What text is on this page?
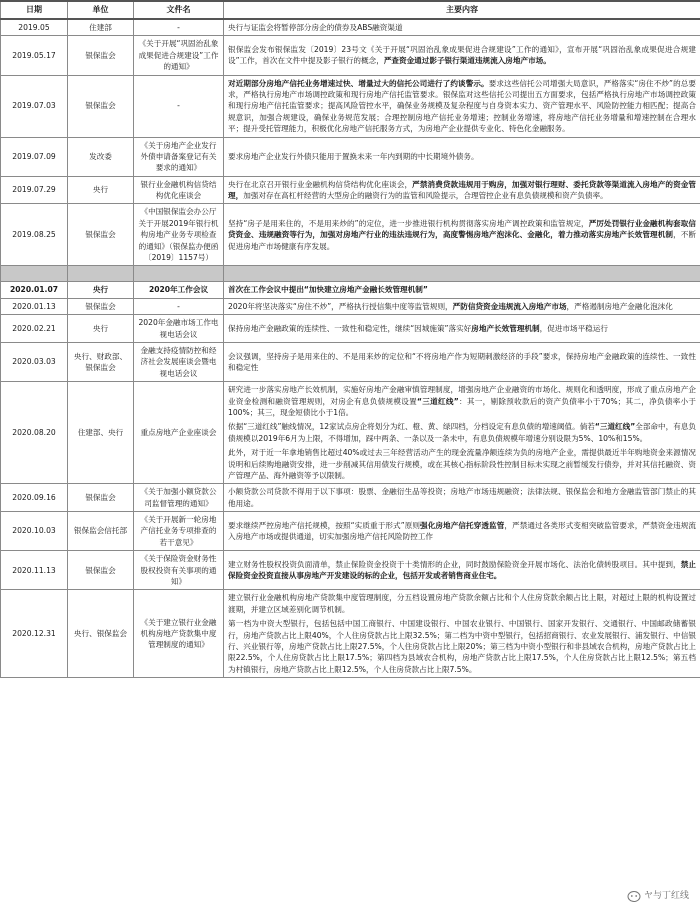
日期	单位	文件名	主要内容
2019.05	住建部	-	央行与证监会将暂停部分房企的债券及ABS融资渠道

2019.05.17	银保监会	《关于开展“巩固治乱象成果促进合规建设”工作的通知》	银保监会发布银保监发〔2019〕23号文《关于开展“巩固治乱象成果促进合规建设”工作的通知》，宣布开展“巩固治乱象成果促进合规建设”工作，首次在文件中提及影子银行的概念，严查资金通过影子银行渠道违规流入房地产市场。

2019.07.03	银保监会	-	对近期部分房地产信托业务增速过快、增量过大的信托公司进行了约谈警示。要求这些信托公司增强大局意识，严格落实“房住不炒”的总要求，严格执行房地产市场调控政策和现行房地产信托监管要求。银保监对这些信托公司提出五方面要求，包括严格执行房地产市场调控政策和现行房地产信托监管要求；提高风险管控水平，确保业务规模及复杂程度与自身资本实力、资产管理水平、风险防控能力相匹配；提高合规意识，加强合规建设，确保业务规范发展；合理控制房地产信托业务增速；控制业务增速，将房地产信托业务增量和增速控制在合理水平；提升受托管理能力，积极优化房地产信托服务方式，为房地产企业提供专业化、特色化金融服务。

2019.07.09	发改委	《关于房地产企业发行外债申请备案登记有关要求的通知》	要求房地产企业发行外债只能用于置换未来一年内到期的中长期境外债务。

2019.07.29	央行	银行业金融机构信贷结构优化座谈会	央行在北京召开银行业金融机构信贷结构优化座谈会，严禁消费贷款违规用于购房，加强对银行理财、委托贷款等渠道流入房地产的资金管理，加强对存在高杠杆经营的大型房企的融资行为的监管和风险提示，合理管控企业有息负债规模和资产负债率。

2019.08.25	银保监会	《中国银保监会办公厅关于开展2019年银行机构房地产业务专项检查的通知》（银保监办便函〔2019〕1157号）	坚持“房子是用来住的，不是用来炒的”的定位，进一步推进银行机构贯彻落实房地产调控政策和监管规定，严厉处罚银行业金融机构套取信贷资金、违规融资等行为，加强对房地产行业的违法违规行为，高度警惕房地产泡沫化、金融化，着力推动落实房地产长效管理机制，不断促进房地产市场健康有序发展。

2020.01.07	央行	2020年工作会议	首次在工作会议中提出“加快建立房地产金融长效管理机制”

2020.01.13	银保监会	-	2020年将坚决落实“房住不炒”，严格执行授信集中度等监管规则，严防信贷资金违规流入房地产市场，严格遏制房地产金融化泡沫化

2020.02.21	央行	2020年金融市场工作电视电话会议	保持房地产金融政策的连续性、一致性和稳定性，继续“因城施策”落实好房地产长效管理机制，促进市场平稳运行

2020.03.03	央行、财政部、银保监会	金融支持疫情防控和经济社会发展座谈会暨电视电话会议	会议强调，坚持房子是用来住的、不是用来炒的定位和“不将房地产作为短期刺激经济的手段”要求，保持房地产金融政策的连续性、一致性和稳定性

2020.08.20	住建部、央行	重点房地产企业座谈会	研究进一步落实房地产长效机制，实施好房地产金融审慎管理制度，增强房地产企业融资的市场化、规则化和透明度，形成了重点房地产企业资金检测和融资管理规则，对房企有息负债规模设置“三道红线”：其一，剔除预收款后的资产负债率小于70%；其二，净负债率小于100%；其三，现金短债比小于1倍。

依据“三道红线”触线情况，12家试点房企将划分为红、橙、黄、绿四档，分档设定有息负债的增速阈值。倘若“三道红线”全部命中，有息负债规模以2019年6月为上限，不得增加，踩中两条、一条以及一条未中，有息负债规模年增速分别设限为5%、10%和15%。

此外，对于近一年拿地销售比超过40%或过去三年经营活动产生的现金流量净额连续为负的房地产企业，需提供最近半年购地资金来源情况说明和后续购地融资安排，进一步削减其信用债发行规模，或在其核心指标阶段性控制目标未实现之前暂缓发行债券，并对其信托融资、资产管理产品、海外融资等予以限制。

2020.09.16	银保监会	《关于加强小额贷款公司监督管理的通知》	小额贷款公司贷款不得用于以下事项：股票、金融衍生品等投资；房地产市场违规融资；法律法规、银保监会和地方金融监管部门禁止的其他用途。

2020.10.03	银保监会信托部	《关于开展新一轮房地产信托业务专项排查的若干意见》	要求继续严控房地产信托规模，按照“实质重于形式”原则强化房地产信托穿透监管，严禁通过各类形式变相突破监管要求，严禁资金违规流入房地产市场或提供通道，切实加强房地产信托风险防控工作

2020.11.13	银保监会	《关于保险资金财务性股权投资有关事项的通知》	建立财务性股权投资负面清单，禁止保险资金投资于十类情形的企业，同时鼓励保险资金开展市场化、法治化债转股项目。其中提到，禁止保险资金投资直接从事房地产开发建设的标的企业，包括开发或者销售商业住宅。

2020.12.31	央行、银保监会	《关于建立银行业金融机构房地产贷款集中度管理制度的通知》	建立银行业金融机构房地产贷款集中度管理制度，分五档设置房地产贷款余额占比和个人住房贷款余额占比上限，对超过上限的机构设置过渡期，并建立区域差别化调节机制。

第一档为中资大型银行，包括包括中国工商银行、中国建设银行、中国农业银行、中国银行、国家开发银行、交通银行、中国邮政储蓄银行，房地产贷款占比上限40%，个人住房贷款占比上限32.5%；第二档为中资中型银行，包括招商银行、农业发展银行、浦发银行、中信银行、兴业银行等，房地产贷款占比上限27.5%，个人住房贷款占比上限20%；第三档为中资小型银行和非县域农合机构，房地产贷款占比上限22.5%，个人住房贷款占比上限17.5%；第四档为县域农合机构，房地产贷款占比上限17.5%，个人住房贷款占比上限12.5%；第五档为村镇银行，房地产贷款占比上限12.5%，个人住房贷款占比上限7.5%。

ヤ与丁红线
